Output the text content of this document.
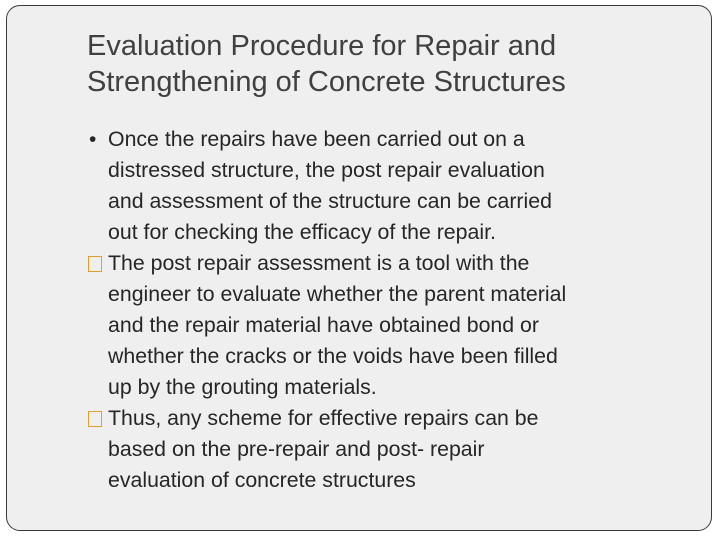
Evaluation Procedure for Repair and
Strengthening of Concrete Structures
• Once the repairs have been carried out on a
distressed structure, the post repair evaluation
and assessment of the structure can be carried
out for checking the efficacy of the repair.
The post repair assessment is a tool with the
engineer to evaluate whether the parent material
and the repair material have obtained bond or
whether the cracks or the voids have been filled
up by the grouting materials.
Thus, any scheme for effective repairs can be
based on the pre-repair and post- repair
evaluation of concrete structures
